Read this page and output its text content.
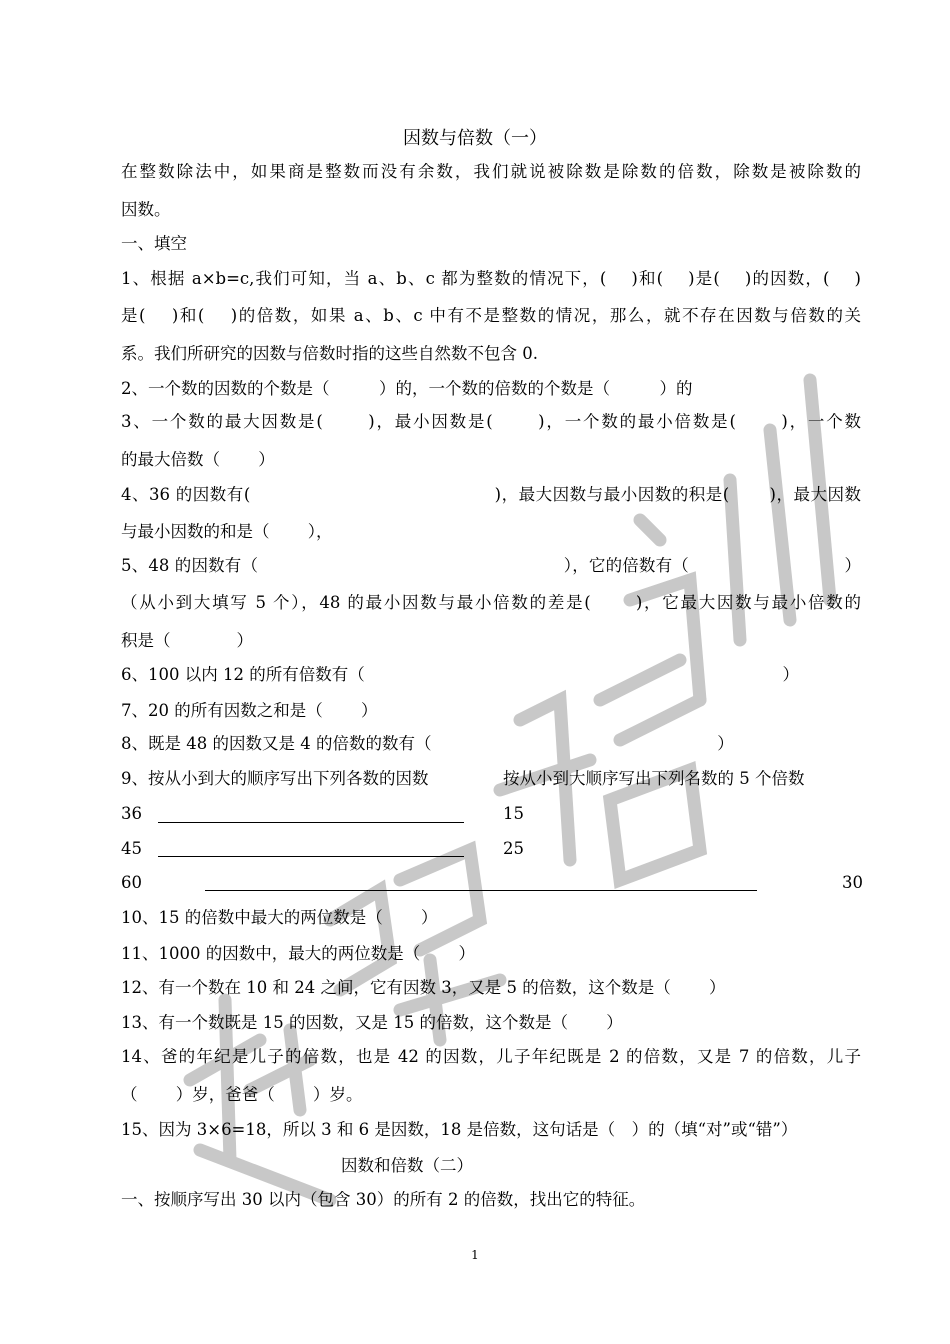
因数与倍数（一）
在整数除法中，如果商是整数而没有余数，我们就说被除数是除数的倍数，除数是被除数的
因数。
一、填空
1、根据 a×b=c,我们可知，当 a、b、c 都为整数的情况下，(　 )和(　 )是(　 )的因数，(　 )
是(　 )和(　 )的倍数，如果 a、b、c 中有不是整数的情况，那么，就不存在因数与倍数的关
系。我们所研究的因数与倍数时指的这些自然数不包含 0.
2、一个数的因数的个数是（　　　）的，一个数的倍数的个数是（　　　）的
3、一个数的最大因数是(　　 )，最小因数是(　　 )，一个数的最小倍数是(　　 )，一个数
的最大倍数（　　 ）
4、36 的因数有(　　　　　　　　　　　　　　 )，最大因数与最小因数的积是(　　 )，最大因数
与最小因数的和是（　　 ），
5、48 的因数有（　　　　　　　　　　　　　　　　　　 ），它的倍数有（　　　　　　　　　 ）
（从小到大填写 5 个），48 的最小因数与最小倍数的差是(　　 )，它最大因数与最小倍数的
积是（　　　　）
6、100 以内 12 的所有倍数有（　　　　　　　　　　　　　　　　　　　　　　　　　 ）
7、20 的所有因数之和是（　　 ）
8、既是 48 的因数又是 4 的倍数的数有（　　　　　　　　　　　　　　　　　 ）
9、按从小到大的顺序写出下列各数的因数	按从小到大顺序写出下列名数的 5 个倍数
36	15
45	25
60	30
10、15 的倍数中最大的两位数是（　　 ）
11、1000 的因数中，最大的两位数是（　　 ）
12、有一个数在 10 和 24 之间，它有因数 3，又是 5 的倍数，这个数是（　　 ）
13、有一个数既是 15 的因数，又是 15 的倍数，这个数是（　　 ）
14、爸的年纪是儿子的倍数，也是 42 的因数，儿子年纪既是 2 的倍数，又是 7 的倍数，儿子
（　　 ）岁，爸爸（　　 ）岁。
15、因为 3×6=18，所以 3 和 6 是因数，18 是倍数，这句话是（　）的（填“对”或“错”）
因数和倍数（二）
一、按顺序写出 30 以内（包含 30）的所有 2 的倍数，找出它的特征。
1
